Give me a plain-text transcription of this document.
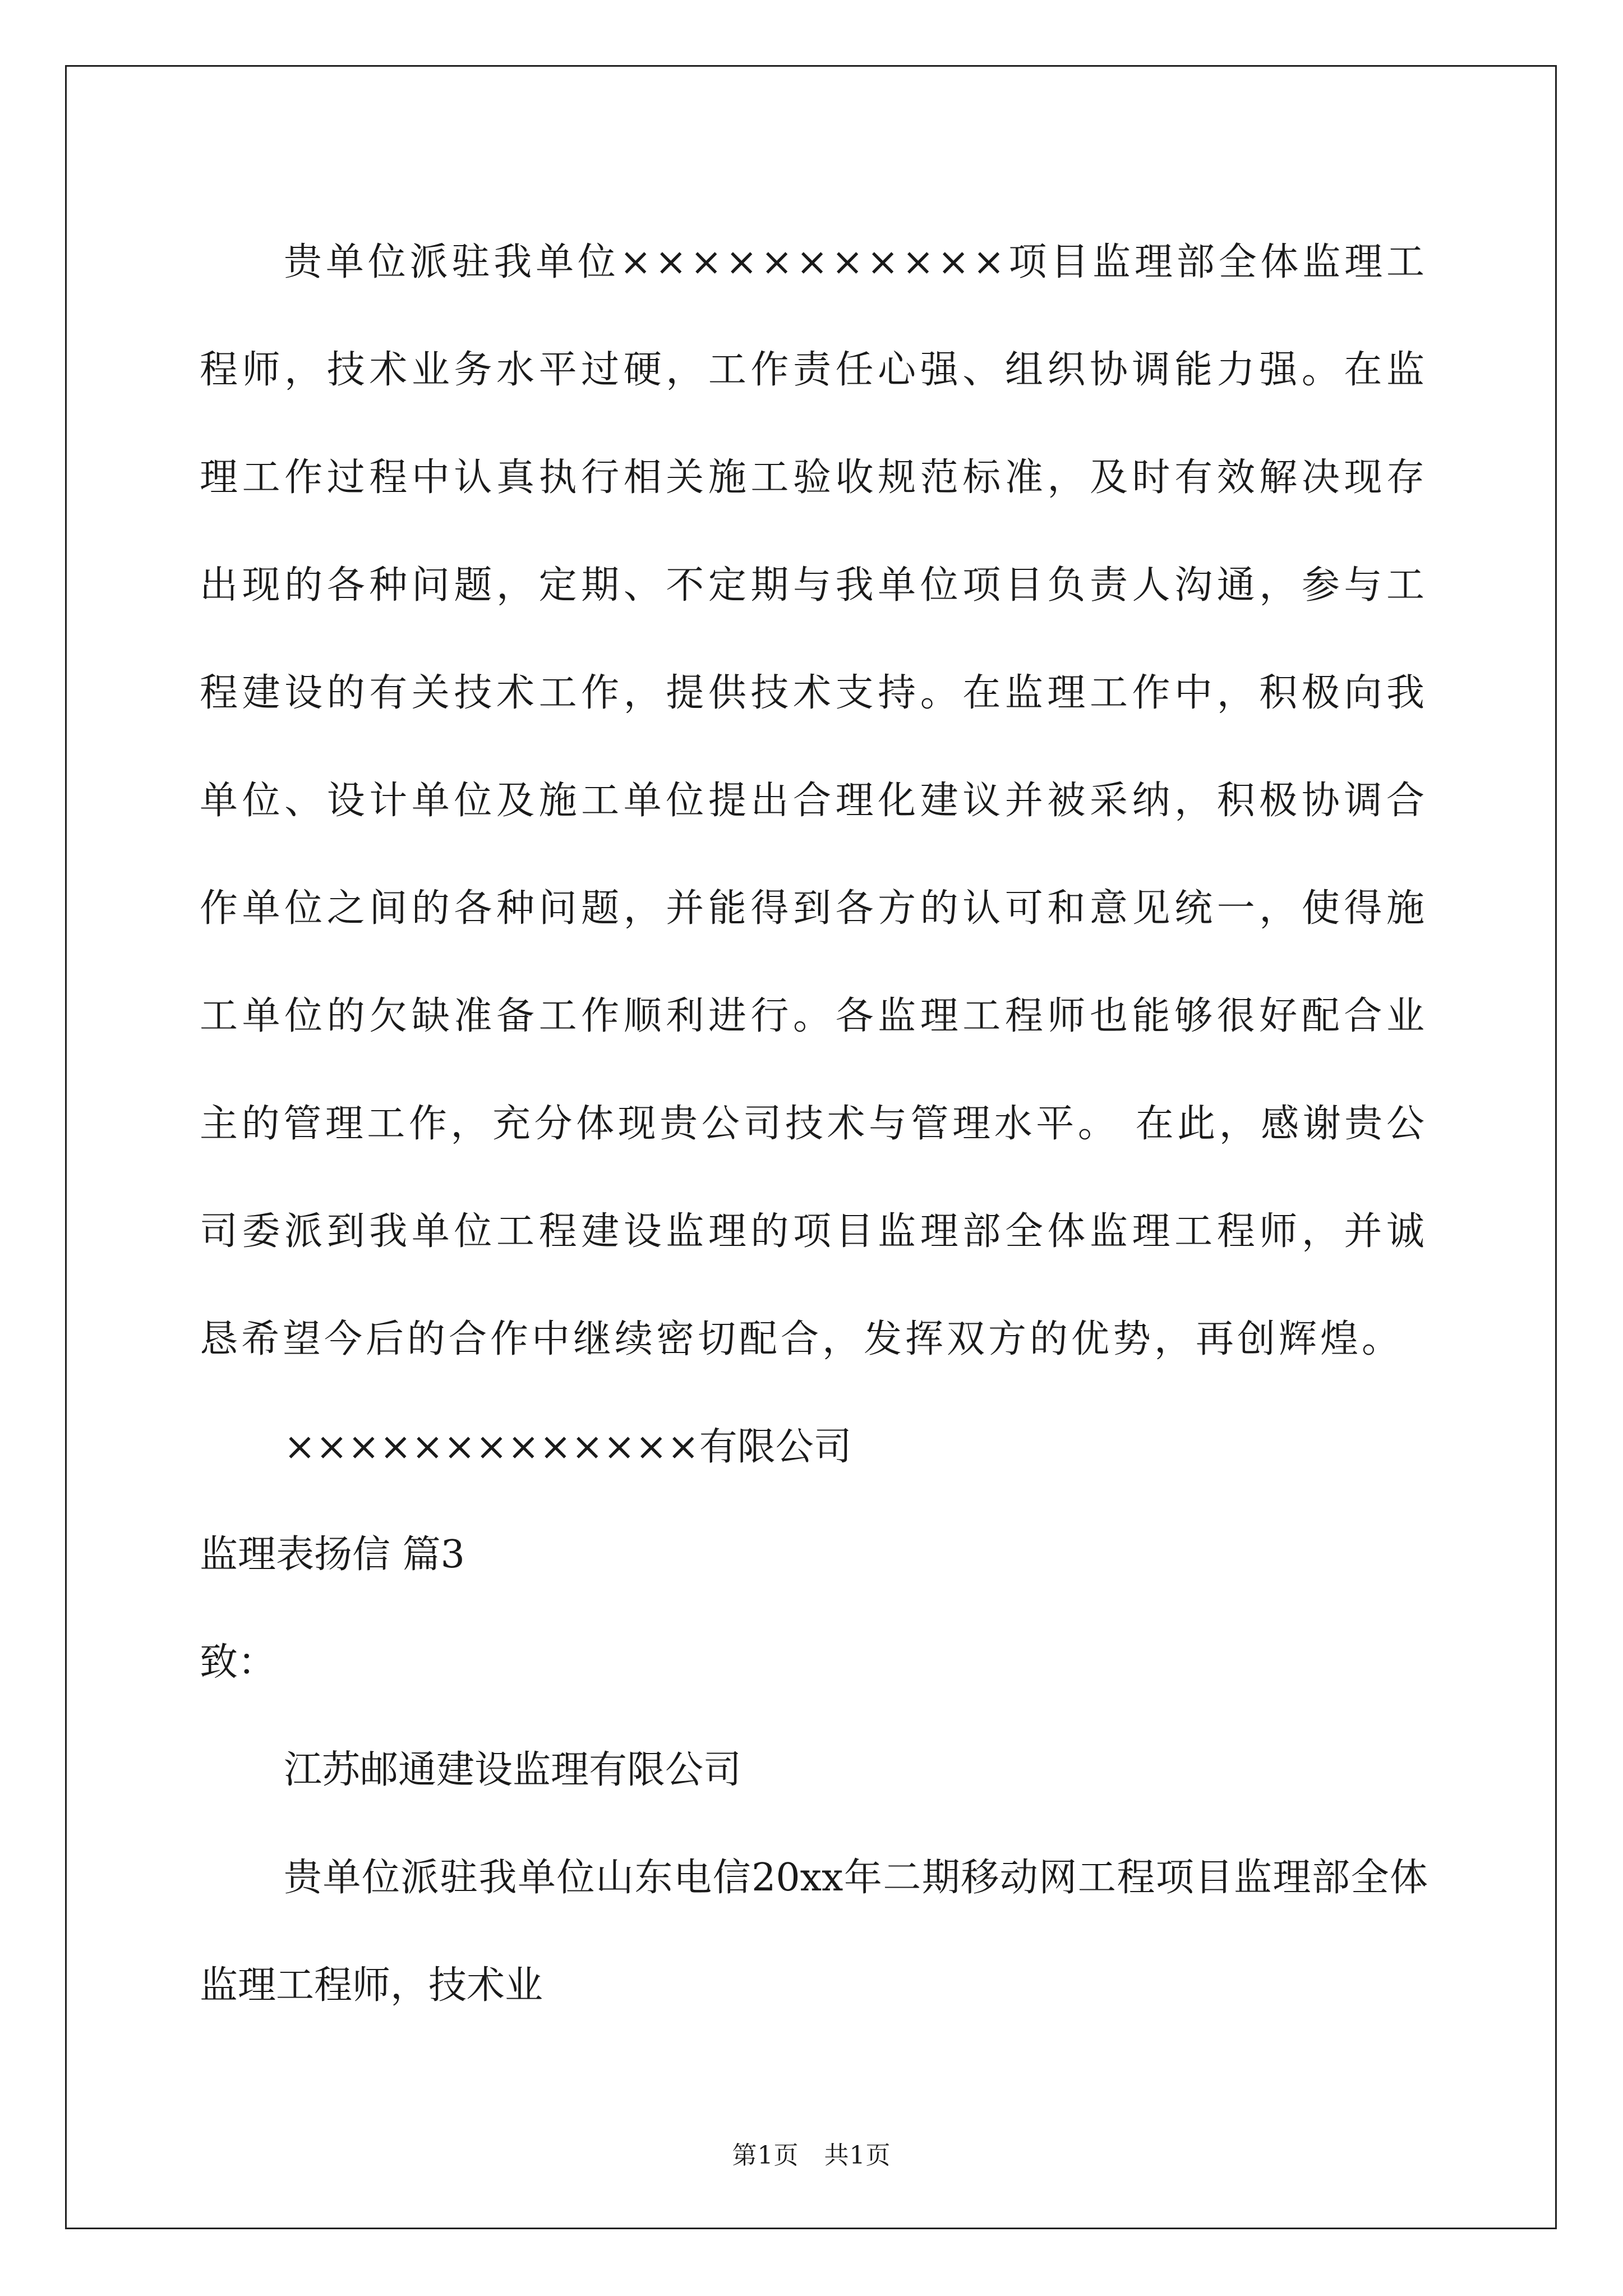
贵单位派驻我单位×××××××××××项目监理部全体监理工程师，技术业务水平过硬，工作责任心强、组织协调能力强。在监理工作过程中认真执行相关施工验收规范标准，及时有效解决现存出现的各种问题，定期、不定期与我单位项目负责人沟通，参与工程建设的有关技术工作，提供技术支持。在监理工作中，积极向我单位、设计单位及施工单位提出合理化建议并被采纳，积极协调合作单位之间的各种问题，并能得到各方的认可和意见统一，使得施工单位的欠缺准备工作顺利进行。各监理工程师也能够很好配合业主的管理工作，充分体现贵公司技术与管理水平。 在此，感谢贵公司委派到我单位工程建设监理的项目监理部全体监理工程师，并诚恳希望今后的合作中继续密切配合，发挥双方的优势，再创辉煌。

×××××××××××××有限公司

监理表扬信 篇3

致：

江苏邮通建设监理有限公司

贵单位派驻我单位山东电信20xx年二期移动网工程项目监理部全体监理工程师，技术业

第1页　共1页
